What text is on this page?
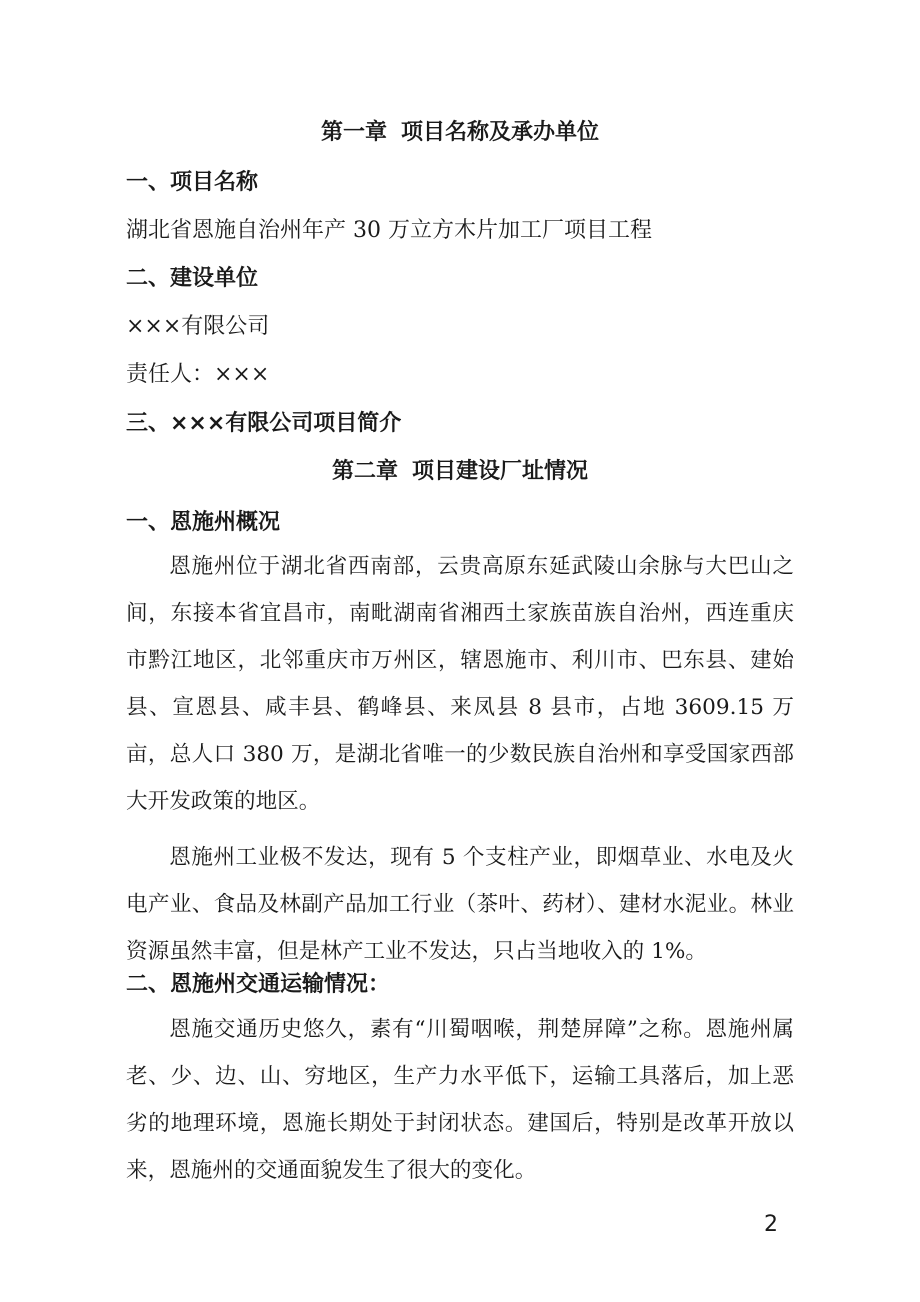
第一章 项目名称及承办单位
一、项目名称
湖北省恩施自治州年产 30 万立方木片加工厂项目工程
二、建设单位
×××有限公司
责任人：×××
三、×××有限公司项目简介
第二章 项目建设厂址情况
一、恩施州概况

恩施州位于湖北省西南部，云贵高原东延武陵山余脉与大巴山之间，东接本省宜昌市，南毗湖南省湘西土家族苗族自治州，西连重庆市黔江地区，北邻重庆市万州区，辖恩施市、利川市、巴东县、建始县、宣恩县、咸丰县、鹤峰县、来凤县 8 县市，占地 3609.15 万亩，总人口 380 万，是湖北省唯一的少数民族自治州和享受国家西部大开发政策的地区。

恩施州工业极不发达，现有 5 个支柱产业，即烟草业、水电及火电产业、食品及林副产品加工行业（茶叶、药材）、建材水泥业。林业资源虽然丰富，但是林产工业不发达，只占当地收入的 1%。

二、恩施州交通运输情况：

恩施交通历史悠久，素有“川蜀咽喉，荆楚屏障”之称。恩施州属老、少、边、山、穷地区，生产力水平低下，运输工具落后，加上恶劣的地理环境，恩施长期处于封闭状态。建国后，特别是改革开放以来，恩施州的交通面貌发生了很大的变化。

2
